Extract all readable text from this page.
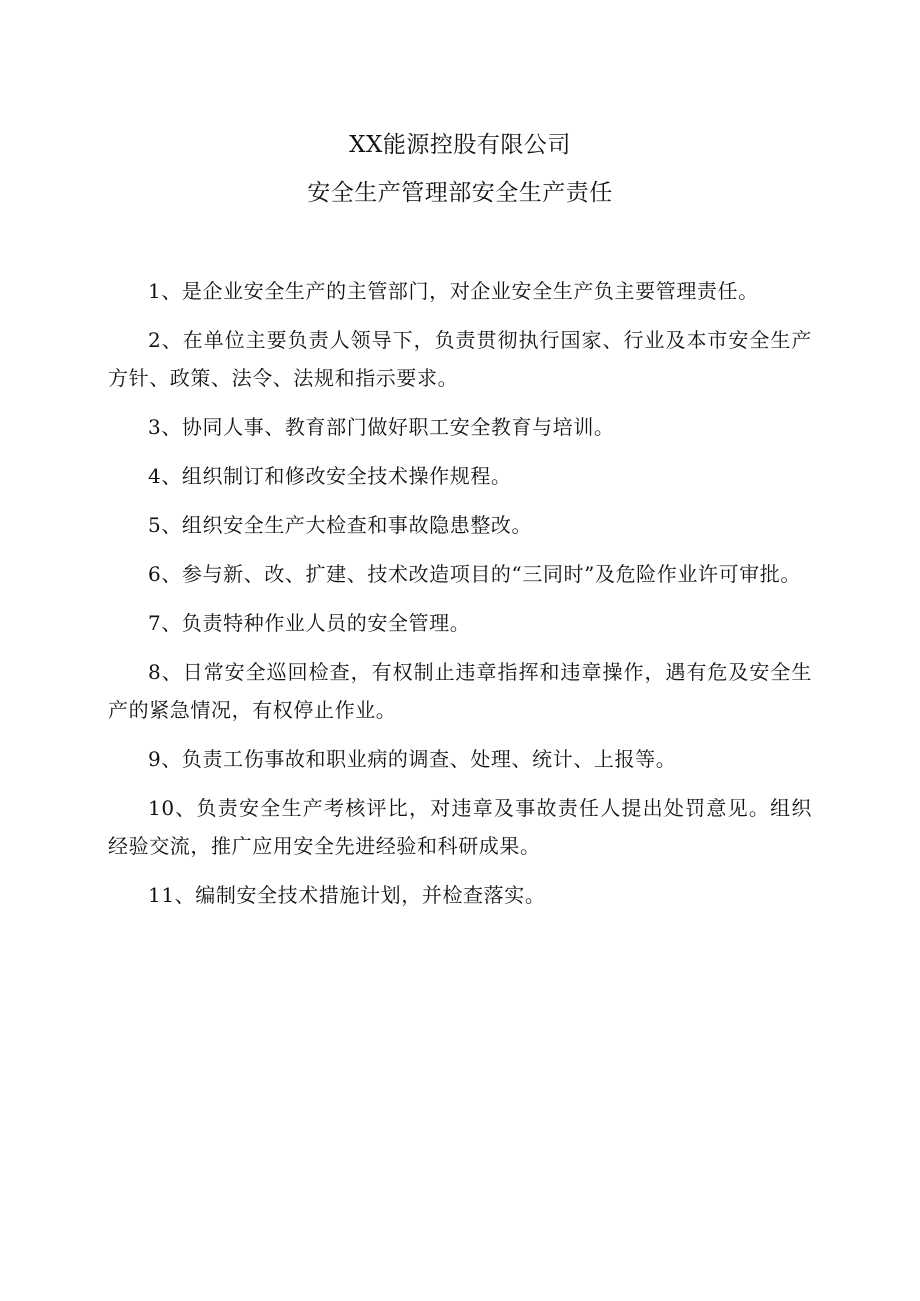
XX能源控股有限公司
安全生产管理部安全生产责任

1、是企业安全生产的主管部门，对企业安全生产负主要管理责任。

2、在单位主要负责人领导下，负责贯彻执行国家、行业及本市安全生产方针、政策、法令、法规和指示要求。

3、协同人事、教育部门做好职工安全教育与培训。

4、组织制订和修改安全技术操作规程。

5、组织安全生产大检查和事故隐患整改。

6、参与新、改、扩建、技术改造项目的“三同时”及危险作业许可审批。

7、负责特种作业人员的安全管理。

8、日常安全巡回检查，有权制止违章指挥和违章操作，遇有危及安全生产的紧急情况，有权停止作业。

9、负责工伤事故和职业病的调查、处理、统计、上报等。

10、负责安全生产考核评比，对违章及事故责任人提出处罚意见。组织经验交流，推广应用安全先进经验和科研成果。

11、编制安全技术措施计划，并检查落实。
